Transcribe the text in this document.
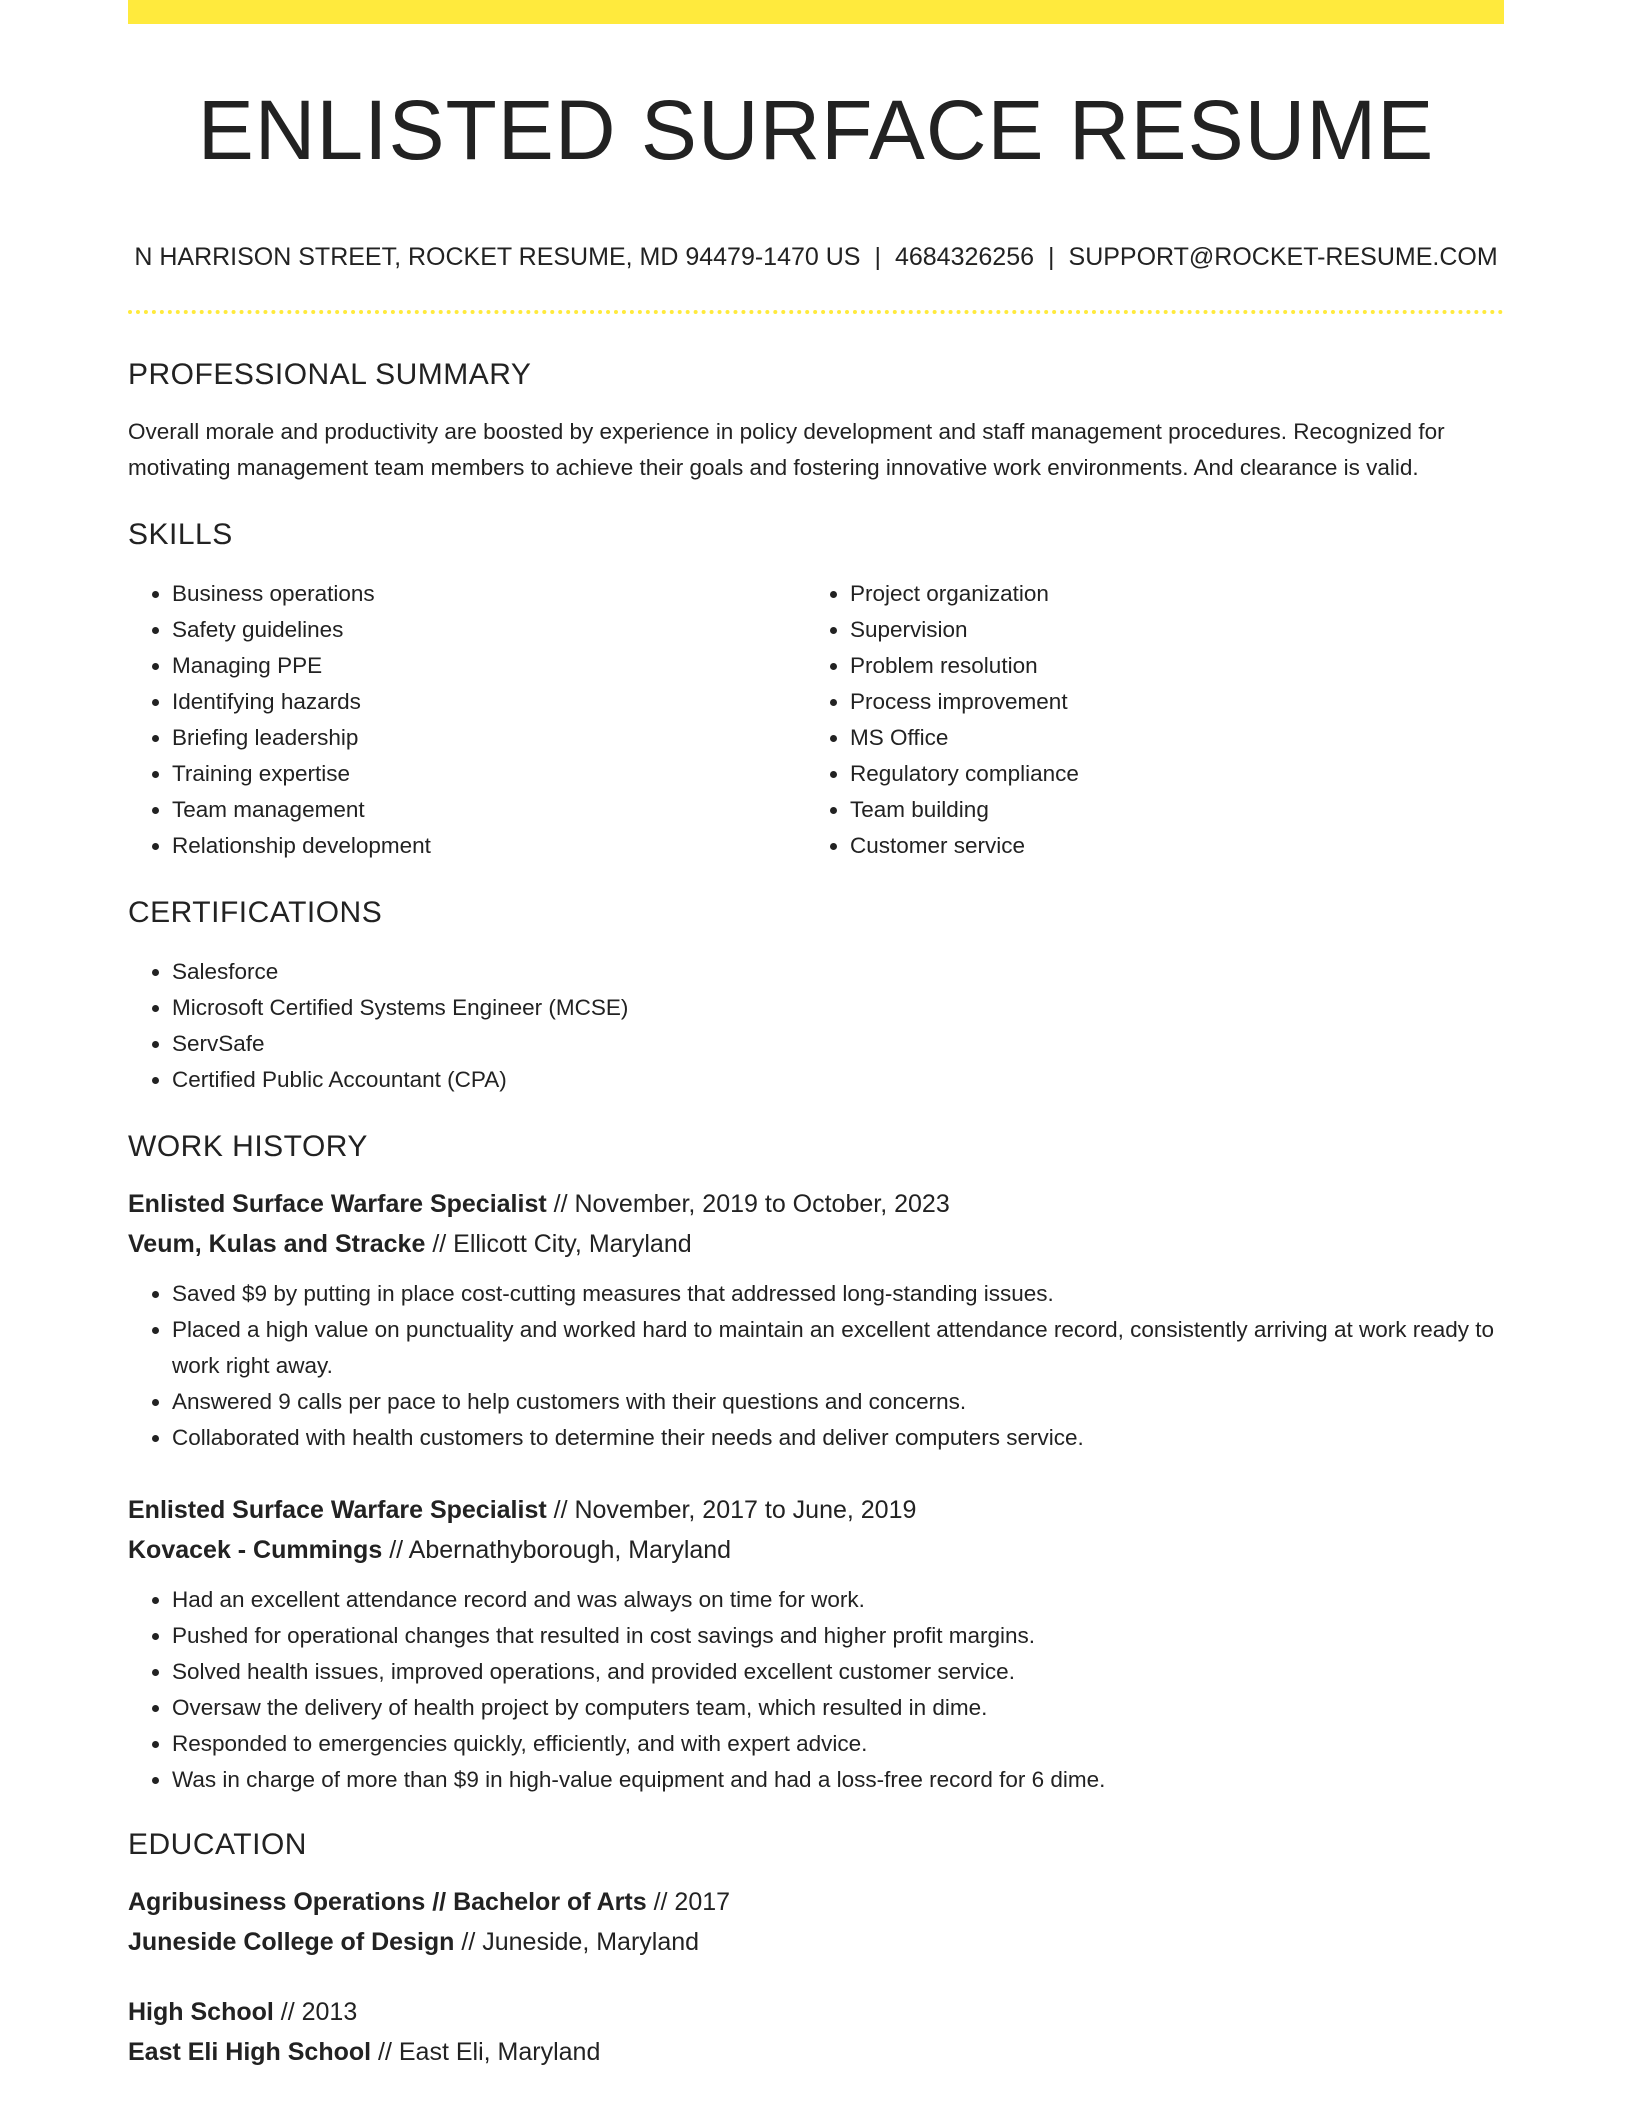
ENLISTED SURFACE RESUME
N HARRISON STREET, ROCKET RESUME, MD 94479-1470 US | 4684326256 | SUPPORT@ROCKET-RESUME.COM
PROFESSIONAL SUMMARY
Overall morale and productivity are boosted by experience in policy development and staff management procedures. Recognized for motivating management team members to achieve their goals and fostering innovative work environments. And clearance is valid.
SKILLS
• Business operations
• Safety guidelines
• Managing PPE
• Identifying hazards
• Briefing leadership
• Training expertise
• Team management
• Relationship development
• Project organization
• Supervision
• Problem resolution
• Process improvement
• MS Office
• Regulatory compliance
• Team building
• Customer service
CERTIFICATIONS
• Salesforce
• Microsoft Certified Systems Engineer (MCSE)
• ServSafe
• Certified Public Accountant (CPA)
WORK HISTORY
Enlisted Surface Warfare Specialist // November, 2019 to October, 2023
Veum, Kulas and Stracke // Ellicott City, Maryland
• Saved $9 by putting in place cost-cutting measures that addressed long-standing issues.
• Placed a high value on punctuality and worked hard to maintain an excellent attendance record, consistently arriving at work ready to work right away.
• Answered 9 calls per pace to help customers with their questions and concerns.
• Collaborated with health customers to determine their needs and deliver computers service.
Enlisted Surface Warfare Specialist // November, 2017 to June, 2019
Kovacek - Cummings // Abernathyborough, Maryland
• Had an excellent attendance record and was always on time for work.
• Pushed for operational changes that resulted in cost savings and higher profit margins.
• Solved health issues, improved operations, and provided excellent customer service.
• Oversaw the delivery of health project by computers team, which resulted in dime.
• Responded to emergencies quickly, efficiently, and with expert advice.
• Was in charge of more than $9 in high-value equipment and had a loss-free record for 6 dime.
EDUCATION
Agribusiness Operations // Bachelor of Arts // 2017
Juneside College of Design // Juneside, Maryland
High School // 2013
East Eli High School // East Eli, Maryland
